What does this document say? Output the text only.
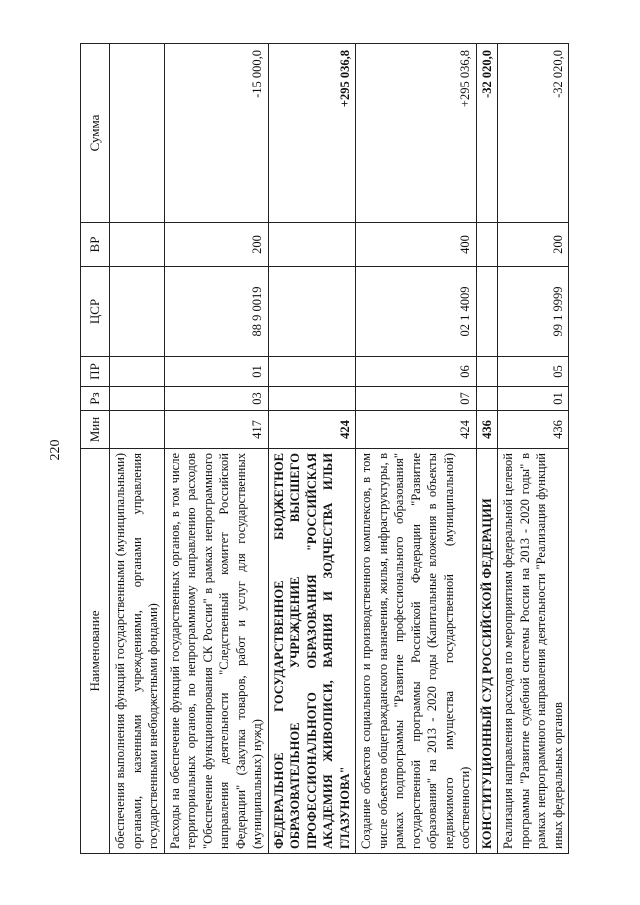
220
Наименование	Мин	Рз	ПР	ЦСР	ВР	Сумма
обеспечения выполнения функций государственными (муниципальными) органами, казенными учреждениями, органами управления государственными внебюджетными фондами)						
Расходы на обеспечение функций государственных органов, в том числе территориальных органов, по непрограммному направлению расходов "Обеспечение функционирования СК России" в рамках непрограммного направления деятельности "Следственный комитет Российской Федерации" (Закупка товаров, работ и услуг для государственных (муниципальных) нужд)	417	03	01	88 9 0019	200	-15 000,0
ФЕДЕРАЛЬНОЕ ГОСУДАРСТВЕННОЕ БЮДЖЕТНОЕ ОБРАЗОВАТЕЛЬНОЕ УЧРЕЖДЕНИЕ ВЫСШЕГО ПРОФЕССИОНАЛЬНОГО ОБРАЗОВАНИЯ "РОССИЙСКАЯ АКАДЕМИЯ ЖИВОПИСИ, ВАЯНИЯ И ЗОДЧЕСТВА ИЛЬИ ГЛАЗУНОВА"	424					+295 036,8
Создание объектов социального и производственного комплексов, в том числе объектов общегражданского назначения, жилья, инфраструктуры, в рамках подпрограммы "Развитие профессионального образования" государственной программы Российской Федерации "Развитие образования" на 2013 - 2020 годы (Капитальные вложения в объекты недвижимого имущества государственной (муниципальной) собственности)	424	07	06	02 1 4009	400	+295 036,8
КОНСТИТУЦИОННЫЙ СУД РОССИЙСКОЙ ФЕДЕРАЦИИ	436					-32 020,0
Реализация направления расходов по мероприятиям федеральной целевой программы "Развитие судебной системы России на 2013 - 2020 годы" в рамках непрограммного направления деятельности "Реализация функций иных федеральных органов	436	01	05	99 1 9999	200	-32 020,0
